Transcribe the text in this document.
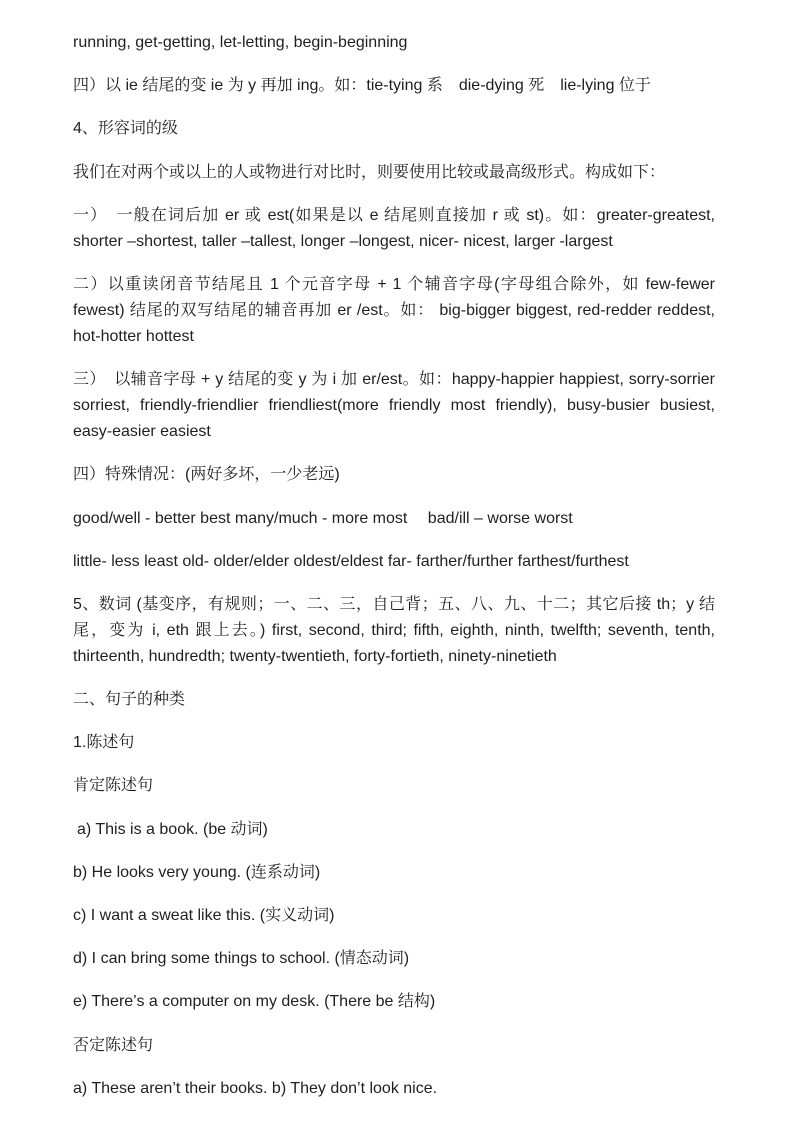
running, get-getting, let-letting, begin-beginning

四）以 ie 结尾的变 ie 为 y 再加 ing。如：tie-tying 系　die-dying 死　lie-lying 位于

4、形容词的级

我们在对两个或以上的人或物进行对比时，则要使用比较或最高级形式。构成如下：

一）　一般在词后加 er 或 est(如果是以 e 结尾则直接加 r 或 st)。如：greater-greatest, shorter –shortest, taller –tallest, longer –longest, nicer- nicest, larger -largest

二）以重读闭音节结尾且 1 个元音字母 + 1 个辅音字母(字母组合除外，如 few-fewer fewest) 结尾的双写结尾的辅音再加 er /est。如： big-bigger biggest, red-redder reddest, hot-hotter hottest

三）　以辅音字母 + y 结尾的变 y 为 i 加 er/est。如：happy-happier happiest, sorry-sorrier sorriest, friendly-friendlier friendliest(more friendly most friendly), busy-busier busiest, easy-easier easiest

四）特殊情况：(两好多坏，一少老远)

good/well - better best many/much - more most　 bad/ill – worse worst

little- less least old- older/elder oldest/eldest far- farther/further farthest/furthest

5、数词 (基变序，有规则；一、二、三，自己背；五、八、九、十二；其它后接 th；y 结尾，变为 i, eth 跟上去。) first, second, third; fifth, eighth, ninth, twelfth; seventh, tenth, thirteenth, hundredth; twenty-twentieth, forty-fortieth, ninety-ninetieth

二、句子的种类

1.陈述句

肯定陈述句

a) This is a book. (be 动词)

b) He looks very young. (连系动词)

c) I want a sweat like this. (实义动词)

d) I can bring some things to school. (情态动词)

e) There’s a computer on my desk. (There be 结构)

否定陈述句

a) These aren’t their books. b) They don’t look nice.
